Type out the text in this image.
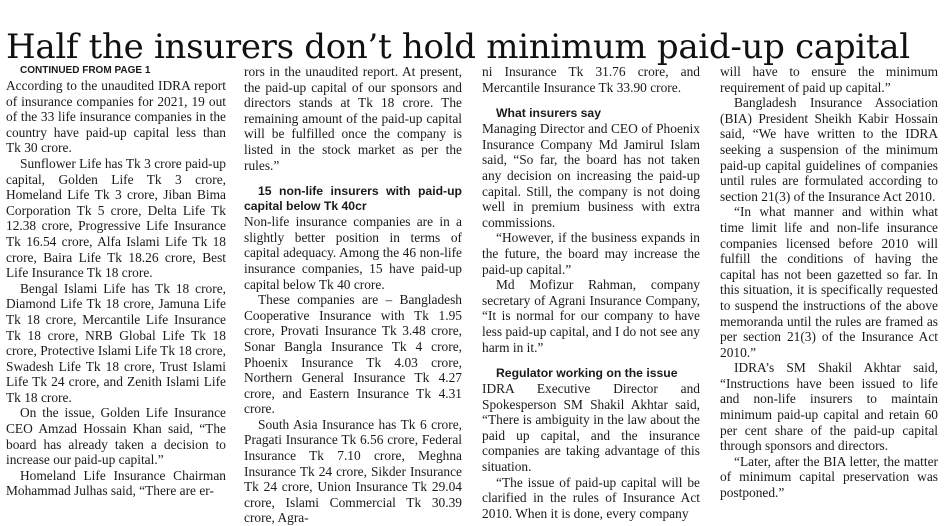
Half the insurers don’t hold minimum paid-up capital

CONTINUED FROM PAGE 1

According to the unaudited IDRA report of insurance companies for 2021, 19 out of the 33 life insurance companies in the country have paid-up capital less than Tk 30 crore.

Sunflower Life has Tk 3 crore paid-up capital, Golden Life Tk 3 crore, Homeland Life Tk 3 crore, Jiban Bima Corporation Tk 5 crore, Delta Life Tk 12.38 crore, Progressive Life Insurance Tk 16.54 crore, Alfa Islami Life Tk 18 crore, Baira Life Tk 18.26 crore, Best Life Insurance Tk 18 crore.

Bengal Islami Life has Tk 18 crore, Diamond Life Tk 18 crore, Jamuna Life Tk 18 crore, Mercantile Life Insurance Tk 18 crore, NRB Global Life Tk 18 crore, Protective Islami Life Tk 18 crore, Swadesh Life Tk 18 crore, Trust Islami Life Tk 24 crore, and Zenith Islami Life Tk 18 crore.

On the issue, Golden Life Insurance CEO Amzad Hossain Khan said, “The board has already taken a decision to increase our paid-up capital.”

Homeland Life Insurance Chairman Mohammad Julhas said, “There are er-

rors in the unaudited report. At present, the paid-up capital of our sponsors and directors stands at Tk 18 crore. The remaining amount of the paid-up capital will be fulfilled once the company is listed in the stock market as per the rules.”

15 non-life insurers with paid-up capital below Tk 40cr

Non-life insurance companies are in a slightly better position in terms of capital adequacy. Among the 46 non-life insurance companies, 15 have paid-up capital below Tk 40 crore.

These companies are – Bangladesh Cooperative Insurance with Tk 1.95 crore, Provati Insurance Tk 3.48 crore, Sonar Bangla Insurance Tk 4 crore, Phoenix Insurance Tk 4.03 crore, Northern General Insurance Tk 4.27 crore, and Eastern Insurance Tk 4.31 crore.

South Asia Insurance has Tk 6 crore, Pragati Insurance Tk 6.56 crore, Federal Insurance Tk 7.10 crore, Meghna Insurance Tk 24 crore, Sikder Insurance Tk 24 crore, Union Insurance Tk 29.04 crore, Islami Commercial Tk 30.39 crore, Agra-

ni Insurance Tk 31.76 crore, and Mercantile Insurance Tk 33.90 crore.

What insurers say

Managing Director and CEO of Phoenix Insurance Company Md Jamirul Islam said, “So far, the board has not taken any decision on increasing the paid-up capital. Still, the company is not doing well in premium business with extra commissions.

“However, if the business expands in the future, the board may increase the paid-up capital.”

Md Mofizur Rahman, company secretary of Agrani Insurance Company, “It is normal for our company to have less paid-up capital, and I do not see any harm in it.”

Regulator working on the issue

IDRA Executive Director and Spokesperson SM Shakil Akhtar said, “There is ambiguity in the law about the paid up capital, and the insurance companies are taking advantage of this situation.

“The issue of paid-up capital will be clarified in the rules of Insurance Act 2010. When it is done, every company

will have to ensure the minimum requirement of paid up capital.”

Bangladesh Insurance Association (BIA) President Sheikh Kabir Hossain said, “We have written to the IDRA seeking a suspension of the minimum paid-up capital guidelines of companies until rules are formulated according to section 21(3) of the Insurance Act 2010.

“In what manner and within what time limit life and non-life insurance companies licensed before 2010 will fulfill the conditions of having the capital has not been gazetted so far. In this situation, it is specifically requested to suspend the instructions of the above memoranda until the rules are framed as per section 21(3) of the Insurance Act 2010.”

IDRA’s SM Shakil Akhtar said, “Instructions have been issued to life and non-life insurers to maintain minimum paid-up capital and retain 60 per cent share of the paid-up capital through sponsors and directors.

“Later, after the BIA letter, the matter of minimum capital preservation was postponed.”
